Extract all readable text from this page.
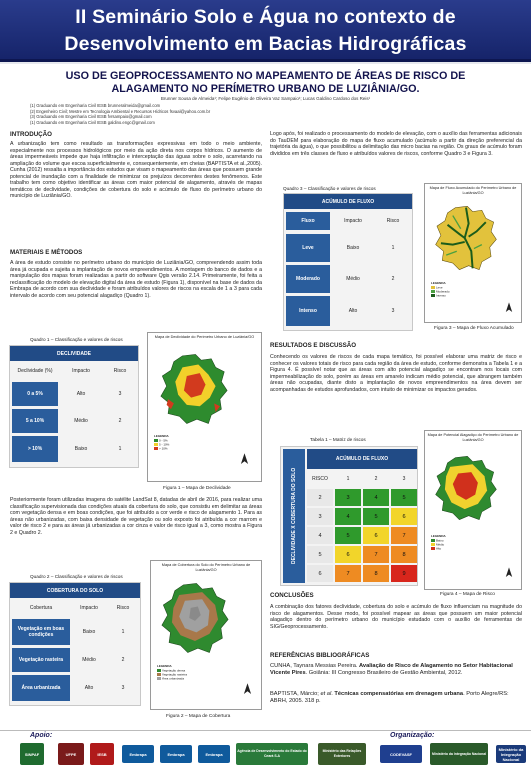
II Seminário Solo e Água no contexto de
Desenvolvimento em Bacias Hidrográficas
USO DE GEOPROCESSAMENTO NO MAPEAMENTO DE ÁREAS DE RISCO DE
ALAGAMENTO NO PERÍMETRO URBANO DE LUZIÂNIA/GO.
Brunner Sousa de Almeida¹; Felipe Eugênio de Oliveira Vaz Sampaio¹; Lucas Galdino Cardoso dos Reis¹
(1) Graduando em Engenharia Civil IESB brunneralmeida@gmail.com
(2) Engenheiro Civil; Mestre em Tecnologia Ambiental e Recursos Hídricos fsvaal@yahoo.com.br
(3) Graduando em Engenharia Civil IESB fvrsampaio@gmail.com
(1) Graduando em Engenharia Civil IESB galdino.engc@gmail.com
INTRODUÇÃO
A urbanização tem como resultado as transformações expressivas em todo o meio ambiente, especialmente nos processos hidrológicos por meio da ação direta nos corpos hídricos. O aumento de áreas impermeáveis impede que haja infiltração e interceptação das águas sobre o solo, acarretando na ampliação do volume que escoa superficialmente e, consequentemente, em cheias (BAPTISTA et al.,2005). Cunha (2012) ressalta a importância dos estudos que visam o mapeamento das áreas que possuem grande potencial de inundação com a finalidade de minimizar os prejuízos decorrentes destes fenômenos. Este trabalho tem como objetivo identificar as áreas com maior potencial de alagamento, através de mapas temáticos de declividade, condições de cobertura do solo e acúmulo de fluxo do perímetro urbano do município de Luziânia/GO.
MATERIAIS E MÉTODOS
A área de estudo consiste no perímetro urbano do município de Luziânia/GO, compreendendo assim toda área já ocupada e sujeita a implantação de novos empreendimentos. A montagem do banco de dados e a manipulação dos mapas foram realizadas a partir do software Qgis versão 2.14. Primeiramente, foi feita a reclassificação do modelo de elevação digital da área de estudo (Figura 1), disponível na base de dados da Embrapa de acordo com sua declividade e foram atribuídos valores de riscos na escala de 1 a 3 para cada intervalo de acordo com seu potencial alagadiço (Quadro 1).
Quadro 1 – Classificação e valores de riscos
DECLIVIDADE
Declividade (%)	Impacto	Risco
0 a 5%	Alto	3
5 a 10%	Médio	2
> 10%	Baixo	1
Mapa de Declividade do Perímetro Urbano de Luziânia/GO
LEGENDA
0 - 5%
5 - 10%
> 10%
Figura 1 – Mapa de Declividade
Posteriormente foram utilizadas imagens do satélite LandSat 8, datadas de abril de 2016, para realizar uma classificação supervisionada das condições atuais da cobertura do solo, que consistiu em delimitar as áreas com vegetação densa e em boas condições, que foi atribuído a cor verde e risco de alagamento 1. Para as áreas não urbanizadas, com baixa densidade de vegetação ou solo exposto foi atribuída a cor marrom e valor de risco 2 e para as áreas já urbanizadas a cor cinza e valor de risco igual a 3, como mostra a Figura 2 e Quadro 2.
Quadro 2 – Classificação e valores de riscos
COBERTURA DO SOLO
Cobertura	Impacto	Risco
Vegetação em boas condições	Baixo	1
Vegetação rasteira	Médio	2
Área urbanizada	Alto	3
Mapa de Cobertura do Solo do Perímetro Urbano de Luziânia/GO
LEGENDA
Vegetação densa
Vegetação rasteira
Área urbanizada
Figura 2 – Mapa de Cobertura
Logo após, foi realizado o processamento do modelo de elevação, com o auxílio das ferramentas adicionais do TauDEM para elaboração do mapa de fluxo acumulado (acúmulo a partir da direção preferencial da trajetória da água), o que possibilitou a delimitação das micro bacias na região. Os graus de acúmulo foram divididos em três classes de fluxo e atribuídos valores de riscos, conforme Quadro 3 e Figura 3.
Quadro 3 – Classificação e valores de riscos
ACÚMULO DE FLUXO
Fluxo	Impacto	Risco
Leve	Baixo	1
Moderado	Médio	2
Intenso	Alto	3
Mapa de Fluxo Acumulado do Perímetro Urbano de Luziânia/GO
LEGENDA
Leve
Moderado
Intenso
Figura 3 – Mapa de Fluxo Acumulado
RESULTADOS E DISCUSSÃO
Conhecendo os valores de riscos de cada mapa temático, foi possível elaborar uma matriz de risco e conhecer os valores totais de risco para cada região da área de estudo, conforme demonstra a Tabela 1 e a Figura 4. É possível notar que as áreas com alto potencial alagadiço se encontram nos locais com impermeabilização do solo, porém as áreas em amarelo indicam médio potencial, que abrangem também áreas não ocupadas, diante disto a implantação de novos empreendimentos na área devem ser acompanhadas de estudos aprofundados, com intuito de minimizar os impactos gerados.
Tabela 1 – Matriz de riscos
DECLIVIDADE X COBERTURA DO SOLO
ACÚMULO DE FLUXO
RISCO	1	2	3
2	3	4	5
3	4	5	6
4	5	6	7
5	6	7	8
6	7	8	9
Mapa de Potencial Alagadiço do Perímetro Urbano de Luziânia/GO
LEGENDA
Baixo
Médio
Alto
Figura 4 – Mapa de Risco
CONCLUSÕES
A combinação dos fatores declividade, cobertura do solo e acúmulo de fluxo influenciam na magnitude do risco de alagamentos. Desse modo, foi possível mapear as áreas que possuem um maior potencial alagadiço dentro do perímetro urbano do município estudado com o auxílio de ferramentas de SIG/Geoprocessamento.
REFERÊNCIAS BIBLIOGRÁFICAS
CUNHA, Taynara Messias Pereira. Avaliação de Risco de Alagamento no Setor Habitacional Vicente Pires. Goiânia: III Congresso Brasileiro de Gestão Ambiental, 2012.
BAPTISTA, Márcio; et al. Técnicas compensatórias em drenagem urbana. Porto Alegre/RS: ABRH, 2005. 318 p.
Apoio:	Organização:
SINPAF	UFPE	IESB	Embrapa	Embrapa	Embrapa
Agência de Desenvolvimento do Estado do Ceará S.A
Ministério das Relações Exteriores	CODEVASF	Ministério da Integração Nacional
Ministério da Integração Nacional
